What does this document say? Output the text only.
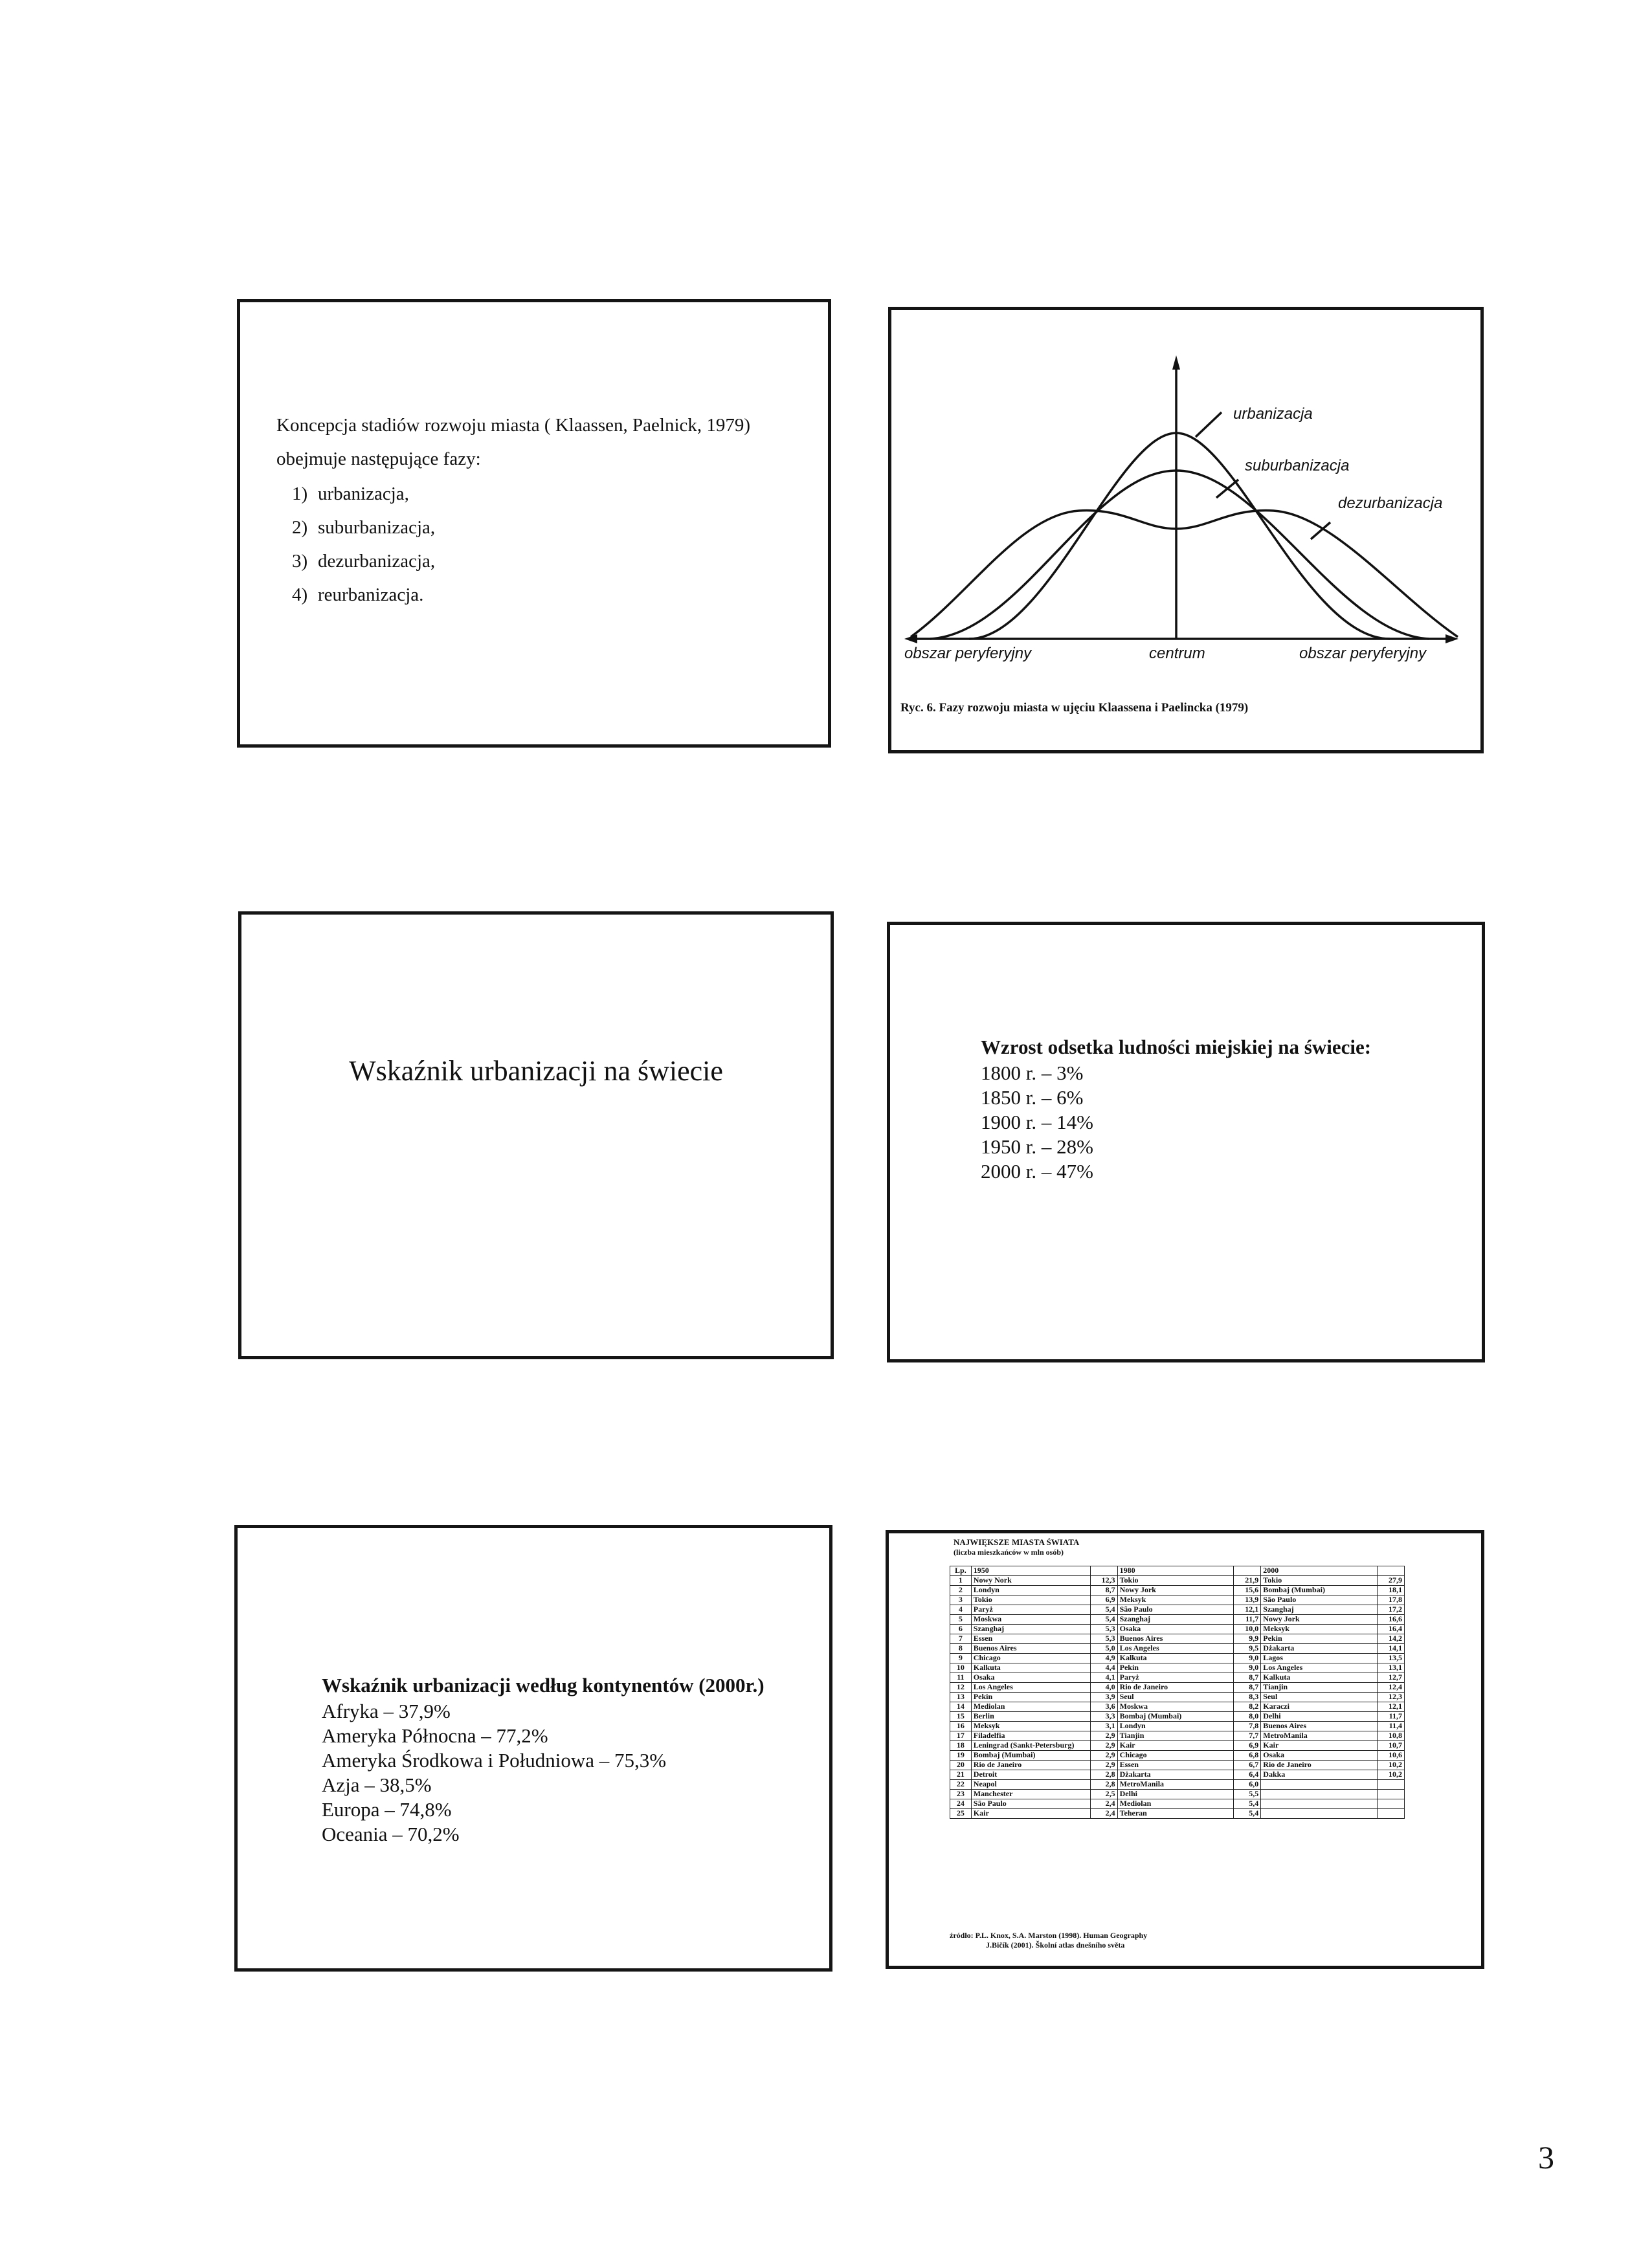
Koncepcja stadiów rozwoju miasta ( Klaassen, Paelnick, 1979)
obejmuje następujące fazy:
1) urbanizacja,
2) suburbanizacja,
3) dezurbanizacja,
4) reurbanizacja.
urbanizacja
suburbanizacja
dezurbanizacja
obszar peryferyjny	centrum	obszar peryferyjny
Ryc. 6. Fazy rozwoju miasta w ujęciu Klaassena i Paelincka (1979)
Wskaźnik urbanizacji na świecie
Wzrost odsetka ludności miejskiej na świecie:
1800 r. – 3%
1850 r. – 6%
1900 r. – 14%
1950 r. – 28%
2000 r. – 47%
Wskaźnik urbanizacji według kontynentów (2000r.)
Afryka – 37,9%
Ameryka Północna – 77,2%
Ameryka Środkowa i Południowa – 75,3%
Azja – 38,5%
Europa – 74,8%
Oceania – 70,2%
NAJWIĘKSZE MIASTA ŚWIATA
(liczba mieszkańców w mln osób)
Lp.	1950		1980		2000	
1	Nowy Nork	12,3	Tokio	21,9	Tokio	27,9
2	Londyn	8,7	Nowy Jork	15,6	Bombaj (Mumbai)	18,1
3	Tokio	6,9	Meksyk	13,9	São Paulo	17,8
4	Paryż	5,4	São Paulo	12,1	Szanghaj	17,2
5	Moskwa	5,4	Szanghaj	11,7	Nowy Jork	16,6
6	Szanghaj	5,3	Osaka	10,0	Meksyk	16,4
7	Essen	5,3	Buenos Aires	9,9	Pekin	14,2
8	Buenos Aires	5,0	Los Angeles	9,5	Dżakarta	14,1
9	Chicago	4,9	Kalkuta	9,0	Lagos	13,5
10	Kalkuta	4,4	Pekin	9,0	Los Angeles	13,1
11	Osaka	4,1	Paryż	8,7	Kalkuta	12,7
12	Los Angeles	4,0	Rio de Janeiro	8,7	Tianjin	12,4
13	Pekin	3,9	Seul	8,3	Seul	12,3
14	Mediolan	3,6	Moskwa	8,2	Karaczi	12,1
15	Berlin	3,3	Bombaj (Mumbai)	8,0	Delhi	11,7
16	Meksyk	3,1	Londyn	7,8	Buenos Aires	11,4
17	Filadelfia	2,9	Tianjin	7,7	MetroManila	10,8
18	Leningrad (Sankt-Petersburg)	2,9	Kair	6,9	Kair	10,7
19	Bombaj (Mumbai)	2,9	Chicago	6,8	Osaka	10,6
20	Rio de Janeiro	2,9	Essen	6,7	Rio de Janeiro	10,2
21	Detroit	2,8	Dżakarta	6,4	Dakka	10,2
22	Neapol	2,8	MetroManila	6,0		
23	Manchester	2,5	Delhi	5,5		
24	São Paulo	2,4	Mediolan	5,4		
25	Kair	2,4	Teheran	5,4		
źródło: P.L. Knox, S.A. Marston (1998). Human Geography
J.Bičík (2001). Školní atlas dnešního světa
3
